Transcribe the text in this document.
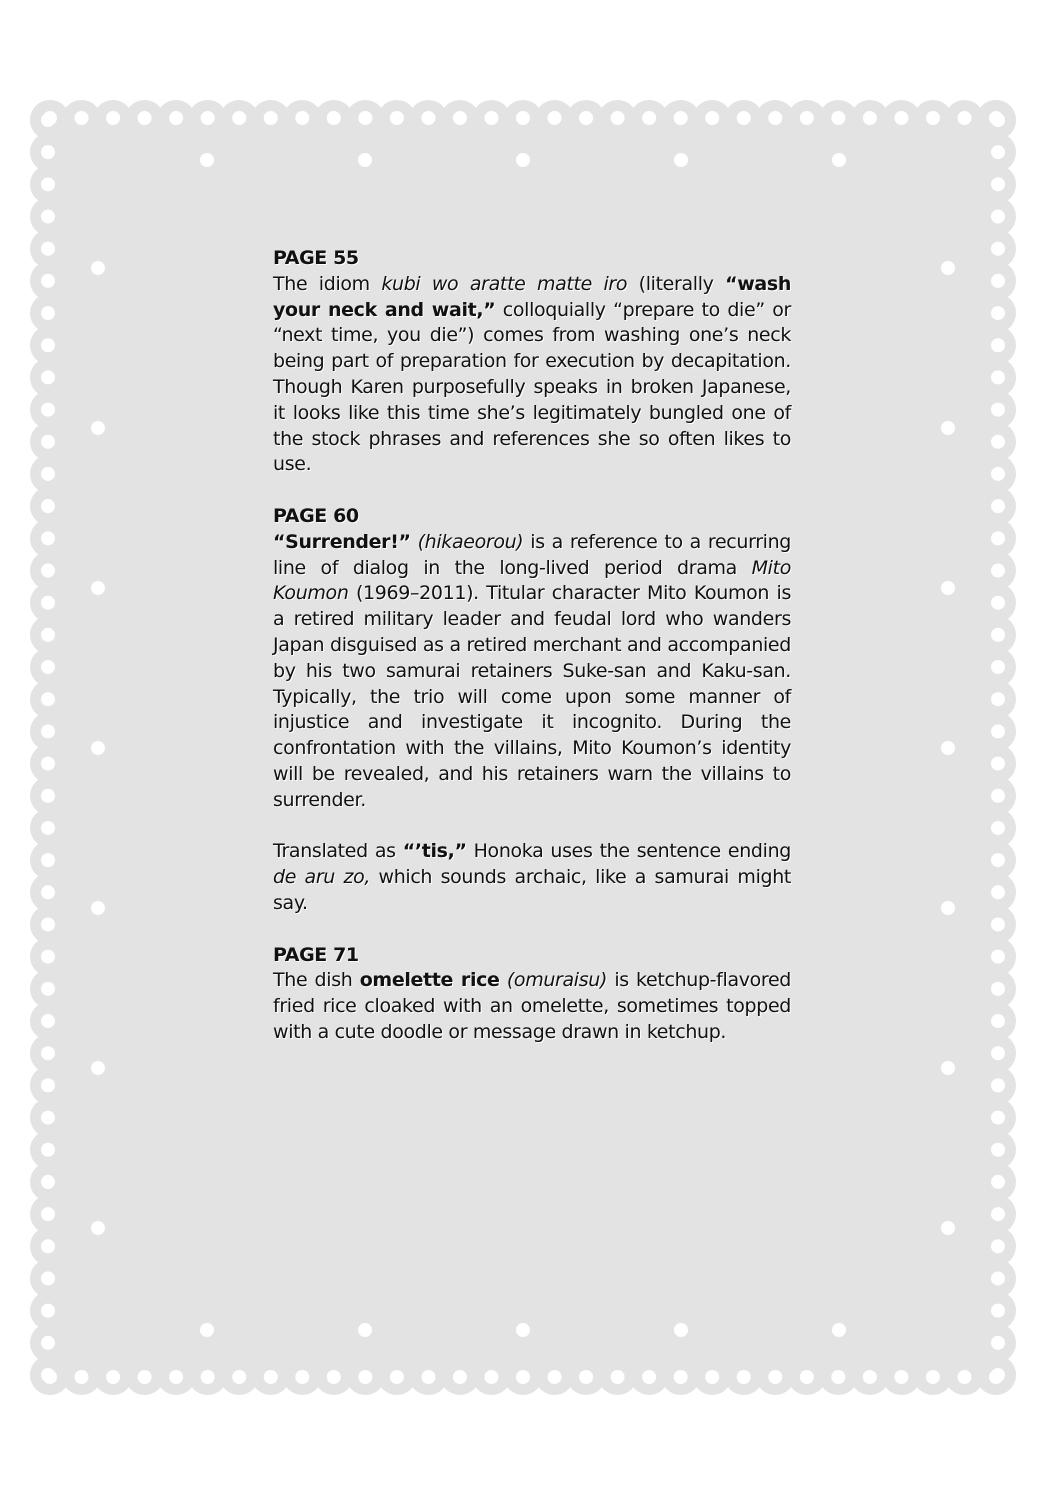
PAGE 55

The idiom kubi wo aratte matte iro (literally “wash your neck and wait,” colloquially “prepare to die” or “next time, you die”) comes from washing one’s neck being part of preparation for execution by decapitation. Though Karen purposefully speaks in broken Japanese, it looks like this time she’s legitimately bungled one of the stock phrases and references she so often likes to use.

PAGE 60

“Surrender!” (hikaeorou) is a reference to a recurring line of dialog in the long-lived period drama Mito Koumon (1969–2011). Titular character Mito Koumon is a retired military leader and feudal lord who wanders Japan disguised as a retired merchant and accompanied by his two samurai retainers Suke-san and Kaku-san. Typically, the trio will come upon some manner of injustice and investigate it incognito. During the confrontation with the villains, Mito Koumon’s identity will be revealed, and his retainers warn the villains to surrender.

Translated as “’tis,” Honoka uses the sentence ending de aru zo, which sounds archaic, like a samurai might say.

PAGE 71

The dish omelette rice (omuraisu) is ketchup-flavored fried rice cloaked with an omelette, sometimes topped with a cute doodle or message drawn in ketchup.
